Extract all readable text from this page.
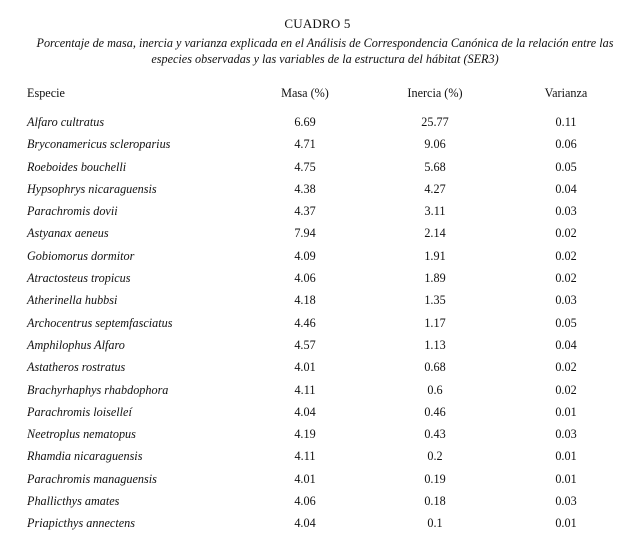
CUADRO 5
Porcentaje de masa, inercia y varianza explicada en el Análisis de Correspondencia Canónica de la relación entre las
especies observadas y las variables de la estructura del hábitat (SER3)
Especie	Masa (%)	Inercia (%)	Varianza
Alfaro cultratus	6.69	25.77	0.11
Bryconamericus scleroparius	4.71	9.06	0.06
Roeboides bouchelli	4.75	5.68	0.05
Hypsophrys nicaraguensis	4.38	4.27	0.04
Parachromis dovii	4.37	3.11	0.03
Astyanax aeneus	7.94	2.14	0.02
Gobiomorus dormitor	4.09	1.91	0.02
Atractosteus tropicus	4.06	1.89	0.02
Atherinella hubbsi	4.18	1.35	0.03
Archocentrus septemfasciatus	4.46	1.17	0.05
Amphilophus Alfaro	4.57	1.13	0.04
Astatheros rostratus	4.01	0.68	0.02
Brachyrhaphys rhabdophora	4.11	0.6	0.02
Parachromis loiselleí	4.04	0.46	0.01
Neetroplus nematopus	4.19	0.43	0.03
Rhamdia nicaraguensis	4.11	0.2	0.01
Parachromis managuensis	4.01	0.19	0.01
Phallicthys amates	4.06	0.18	0.03
Priapicthys annectens	4.04	0.1	0.01
